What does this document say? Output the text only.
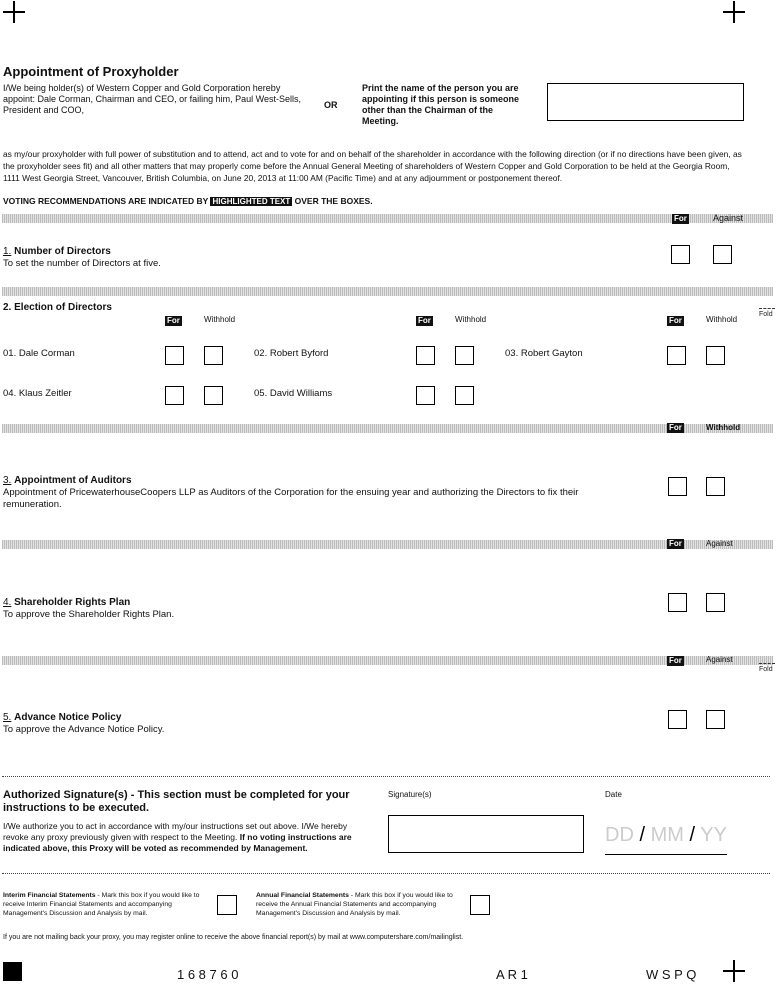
Appointment of Proxyholder
I/We being holder(s) of Western Copper and Gold Corporation hereby appoint: Dale Corman, Chairman and CEO, or failing him, Paul West-Sells, President and COO,	OR
Print the name of the person you are appointing if this person is someone other than the Chairman of the Meeting.
as my/our proxyholder with full power of substitution and to attend, act and to vote for and on behalf of the shareholder in accordance with the following direction (or if no directions have been given, as the proxyholder sees fit) and all other matters that may properly come before the Annual General Meeting of shareholders of Western Copper and Gold Corporation to be held at the Georgia Room, 1111 West Georgia Street, Vancouver, British Columbia, on June 20, 2013 at 11:00 AM (Pacific Time) and at any adjournment or postponement thereof.
VOTING RECOMMENDATIONS ARE INDICATED BY HIGHLIGHTED TEXT OVER THE BOXES.
For	Against
1. Number of Directors
To set the number of Directors at five.
2. Election of Directors
For	Withhold	For	Withhold	For	Withhold
Fold
01. Dale Corman	02. Robert Byford	03. Robert Gayton
04. Klaus Zeitler	05. David Williams
For	Withhold
3. Appointment of Auditors
Appointment of PricewaterhouseCoopers LLP as Auditors of the Corporation for the ensuing year and authorizing the Directors to fix their remuneration.
For	Against
4. Shareholder Rights Plan
To approve the Shareholder Rights Plan.
For	Against
Fold
5. Advance Notice Policy
To approve the Advance Notice Policy.
Authorized Signature(s) - This section must be completed for your instructions to be executed.
Signature(s)	Date
I/We authorize you to act in accordance with my/our instructions set out above. I/We hereby revoke any proxy previously given with respect to the Meeting. If no voting instructions are indicated above, this Proxy will be voted as recommended by Management.
DD / MM / YY
Interim Financial Statements - Mark this box if you would like to receive Interim Financial Statements and accompanying Management's Discussion and Analysis by mail.
Annual Financial Statements - Mark this box if you would like to receive the Annual Financial Statements and accompanying Management's Discussion and Analysis by mail.
If you are not mailing back your proxy, you may register online to receive the above financial report(s) by mail at www.computershare.com/mailinglist.
1 6 8 7 6 0	A R 1	W S P Q
